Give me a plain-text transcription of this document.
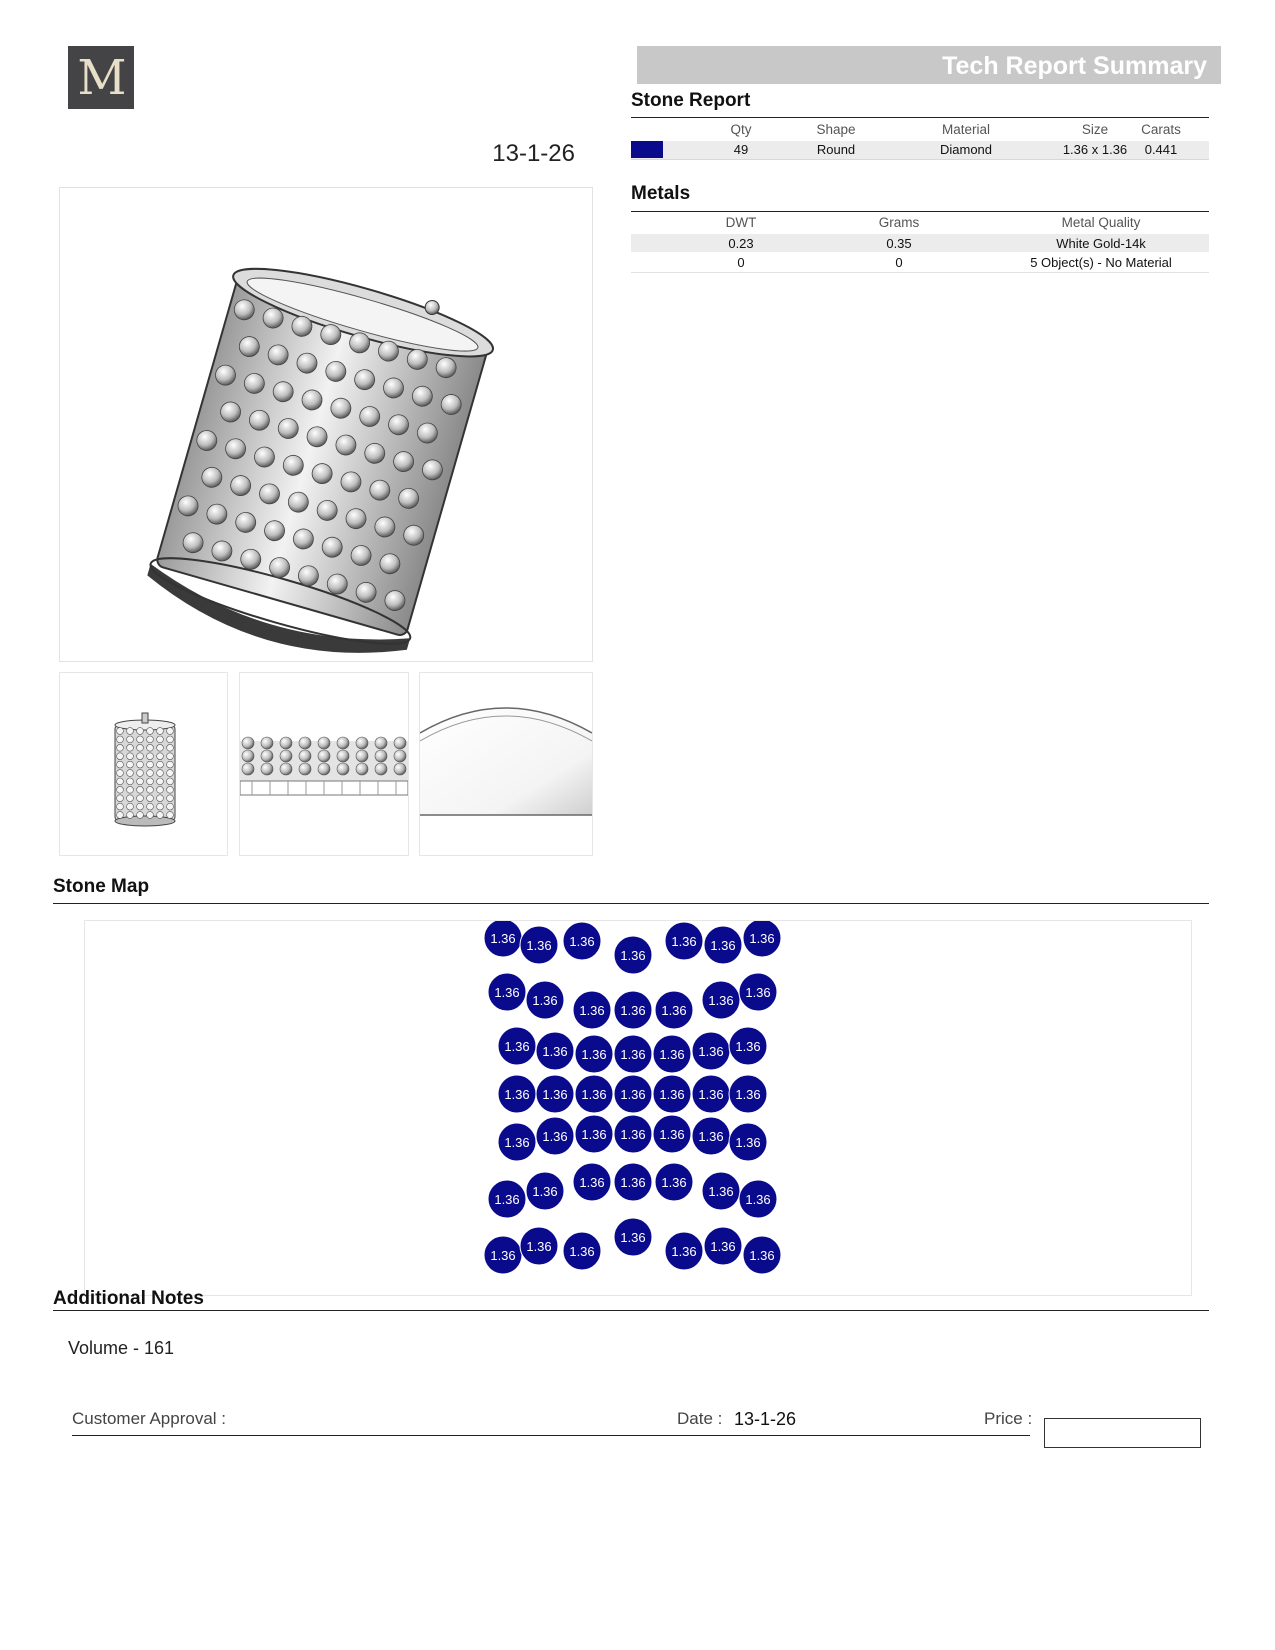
M
13-1-26
Tech Report Summary
Stone Report
Qty	Shape	Material	Size	Carats
49	Round	Diamond	1.36 x 1.36	0.441
Metals
DWT	Grams	Metal Quality
0.23	0.35	White Gold-14k
0	0	5 Object(s) - No Material
Stone Map
1.36 1.36 1.36
1.36
1.36 1.36 1.36
1.36
1.36
1.36 1.36 1.36
1.36
1.36
1.36 1.36 1.36 1.36 1.36 1.36 1.36
1.36 1.36 1.36 1.36 1.36 1.36 1.36
1.36 1.36 1.36 1.36 1.36 1.36 1.36
1.36
1.36
1.36 1.36 1.36
1.36
1.36
1.36
1.36 1.36
1.36
1.36 1.36
1.36
Additional Notes
Volume - 161
Customer Approval :	Date : 13-1-26	Price :
